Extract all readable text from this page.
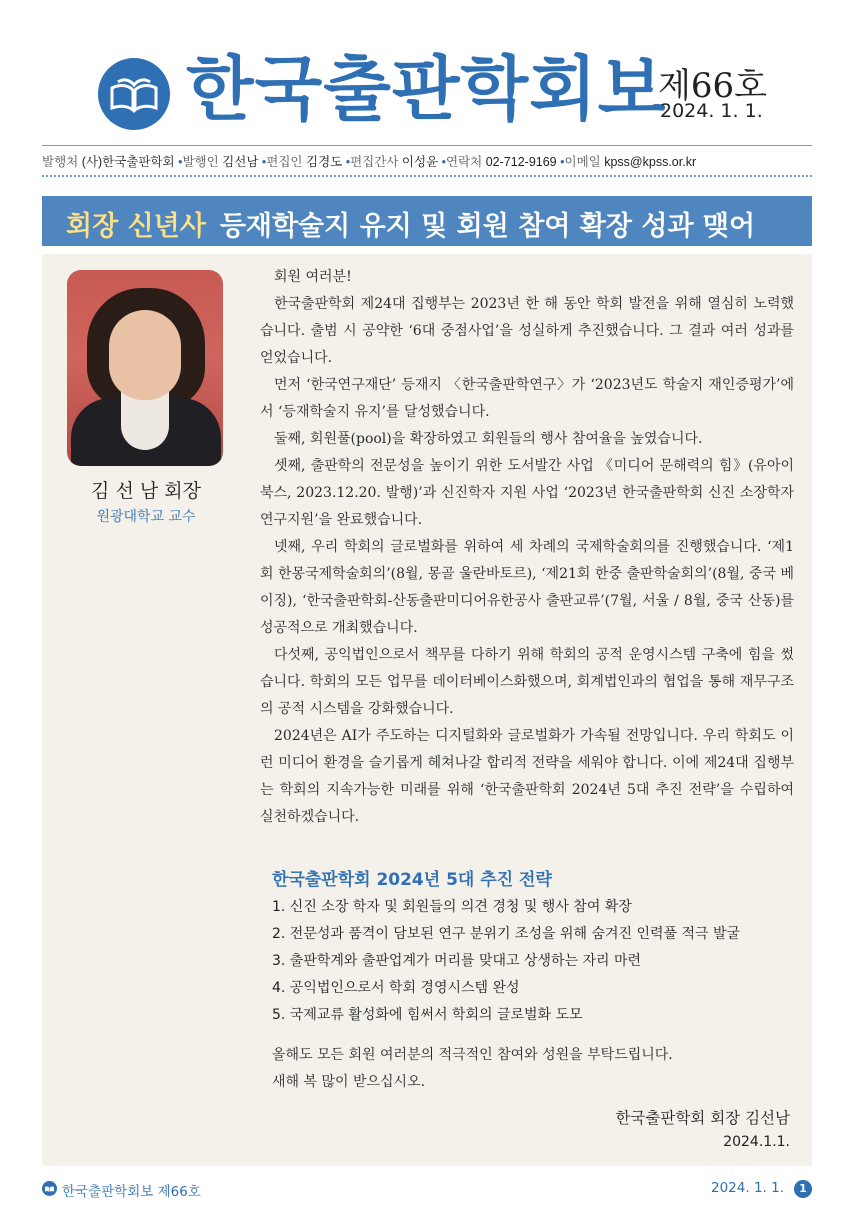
한국출판학회보
제66호
2024. 1. 1.
발행처 (사)한국출판학회 •발행인 김선남 •편집인 김경도 •편집간사 이성윤 •연락처 02-712-9169 •이메일 kpss@kpss.or.kr
회장 신년사 등재학술지 유지 및 회원 참여 확장 성과 맺어
김 선 남 회장
원광대학교 교수

회원 여러분!

한국출판학회 제24대 집행부는 2023년 한 해 동안 학회 발전을 위해 열심히 노력했습니다. 출범 시 공약한 ‘6대 중점사업’을 성실하게 추진했습니다. 그 결과 여러 성과를 얻었습니다.

먼저 ‘한국연구재단’ 등재지 〈한국출판학연구〉가 ‘2023년도 학술지 재인증평가’에서 ‘등재학술지 유지’를 달성했습니다.

둘째, 회원풀(pool)을 확장하였고 회원들의 행사 참여율을 높였습니다.

셋째, 출판학의 전문성을 높이기 위한 도서발간 사업 《미디어 문해력의 힘》(유아이북스, 2023.12.20. 발행)’과 신진학자 지원 사업 ‘2023년 한국출판학회 신진 소장학자 연구지원’을 완료했습니다.

넷째, 우리 학회의 글로벌화를 위하여 세 차례의 국제학술회의를 진행했습니다. ‘제1회 한몽국제학술회의’(8월, 몽골 울란바토르), ‘제21회 한중 출판학술회의’(8월, 중국 베이징), ‘한국출판학회-산동출판미디어유한공사 출판교류’(7월, 서울 / 8월, 중국 산동)를 성공적으로 개최했습니다.

다섯째, 공익법인으로서 책무를 다하기 위해 학회의 공적 운영시스템 구축에 힘을 썼습니다. 학회의 모든 업무를 데이터베이스화했으며, 회계법인과의 협업을 통해 재무구조의 공적 시스템을 강화했습니다.

2024년은 AI가 주도하는 디지털화와 글로벌화가 가속될 전망입니다. 우리 학회도 이런 미디어 환경을 슬기롭게 헤쳐나갈 합리적 전략을 세워야 합니다. 이에 제24대 집행부는 학회의 지속가능한 미래를 위해 ‘한국출판학회 2024년 5대 추진 전략’을 수립하여 실천하겠습니다.

한국출판학회 2024년 5대 추진 전략
1. 신진 소장 학자 및 회원들의 의견 경청 및 행사 참여 확장
2. 전문성과 품격이 담보된 연구 분위기 조성을 위해 숨겨진 인력풀 적극 발굴
3. 출판학계와 출판업계가 머리를 맞대고 상생하는 자리 마련
4. 공익법인으로서 학회 경영시스템 완성
5. 국제교류 활성화에 힘써서 학회의 글로벌화 도모

올해도 모든 회원 여러분의 적극적인 참여와 성원을 부탁드립니다.

새해 복 많이 받으십시오.

한국출판학회 회장 김선남
2024.1.1.
한국출판학회보 제66호	2024. 1. 1.	1
